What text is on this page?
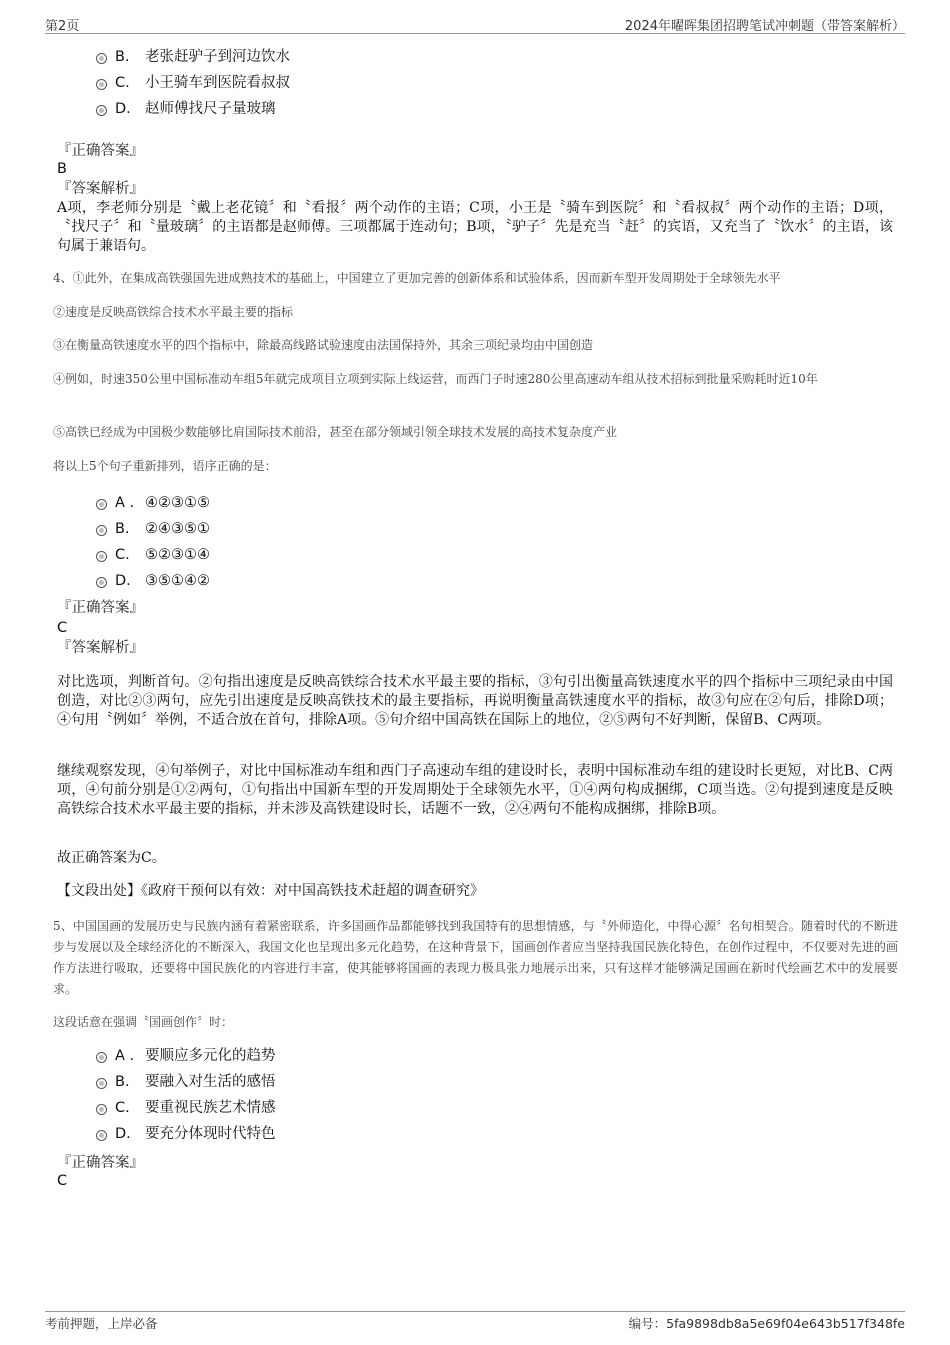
第2页	2024年曜晖集团招聘笔试冲刺题（带答案解析）
B. 老张赶驴子到河边饮水
C. 小王骑车到医院看叔叔
D. 赵师傅找尺子量玻璃
『正确答案』
B
『答案解析』
A项，李老师分别是〝戴上老花镜〞和〝看报〞两个动作的主语；C项，小王是〝骑车到医院〞和〝看叔叔〞两个动作的主语；D项，〝找尺子〞和〝量玻璃〞的主语都是赵师傅。三项都属于连动句；B项，〝驴子〞先是充当〝赶〞的宾语，又充当了〝饮水〞的主语，该句属于兼语句。
4、①此外，在集成高铁强国先进成熟技术的基础上，中国建立了更加完善的创新体系和试验体系，因而新车型开发周期处于全球领先水平
②速度是反映高铁综合技术水平最主要的指标
③在衡量高铁速度水平的四个指标中，除最高线路试验速度由法国保持外，其余三项纪录均由中国创造
④例如，时速350公里中国标准动车组5年就完成项目立项到实际上线运营，而西门子时速280公里高速动车组从技术招标到批量采购耗时近10年
⑤高铁已经成为中国极少数能够比肩国际技术前沿，甚至在部分领域引领全球技术发展的高技术复杂度产业
将以上5个句子重新排列，语序正确的是：
A . ④②③①⑤
B. ②④③⑤①
C. ⑤②③①④
D. ③⑤①④②
『正确答案』
C
『答案解析』
对比选项，判断首句。②句指出速度是反映高铁综合技术水平最主要的指标，③句引出衡量高铁速度水平的四个指标中三项纪录由中国创造，对比②③两句，应先引出速度是反映高铁技术的最主要指标，再说明衡量高铁速度水平的指标，故③句应在②句后，排除D项；④句用〝例如〞举例，不适合放在首句，排除A项。⑤句介绍中国高铁在国际上的地位，②⑤两句不好判断，保留B、C两项。
继续观察发现，④句举例子，对比中国标准动车组和西门子高速动车组的建设时长，表明中国标准动车组的建设时长更短，对比B、C两项，④句前分别是①②两句，①句指出中国新车型的开发周期处于全球领先水平，①④两句构成捆绑，C项当选。②句提到速度是反映高铁综合技术水平最主要的指标，并未涉及高铁建设时长，话题不一致，②④两句不能构成捆绑，排除B项。
故正确答案为C。
【文段出处】《政府干预何以有效：对中国高铁技术赶超的调查研究》
5、中国国画的发展历史与民族内涵有着紧密联系，许多国画作品都能够找到我国特有的思想情感，与〝外师造化，中得心源〞名句相契合。随着时代的不断进步与发展以及全球经济化的不断深入，我国文化也呈现出多元化趋势，在这种背景下，国画创作者应当坚持我国民族化特色，在创作过程中，不仅要对先进的画作方法进行吸取，还要将中国民族化的内容进行丰富，使其能够将国画的表现力极具张力地展示出来，只有这样才能够满足国画在新时代绘画艺术中的发展要求。
这段话意在强调〝国画创作〞时：
A . 要顺应多元化的趋势
B. 要融入对生活的感悟
C. 要重视民族艺术情感
D. 要充分体现时代特色
『正确答案』
C
考前押题，上岸必备	编号：5fa9898db8a5e69f04e643b517f348fe
